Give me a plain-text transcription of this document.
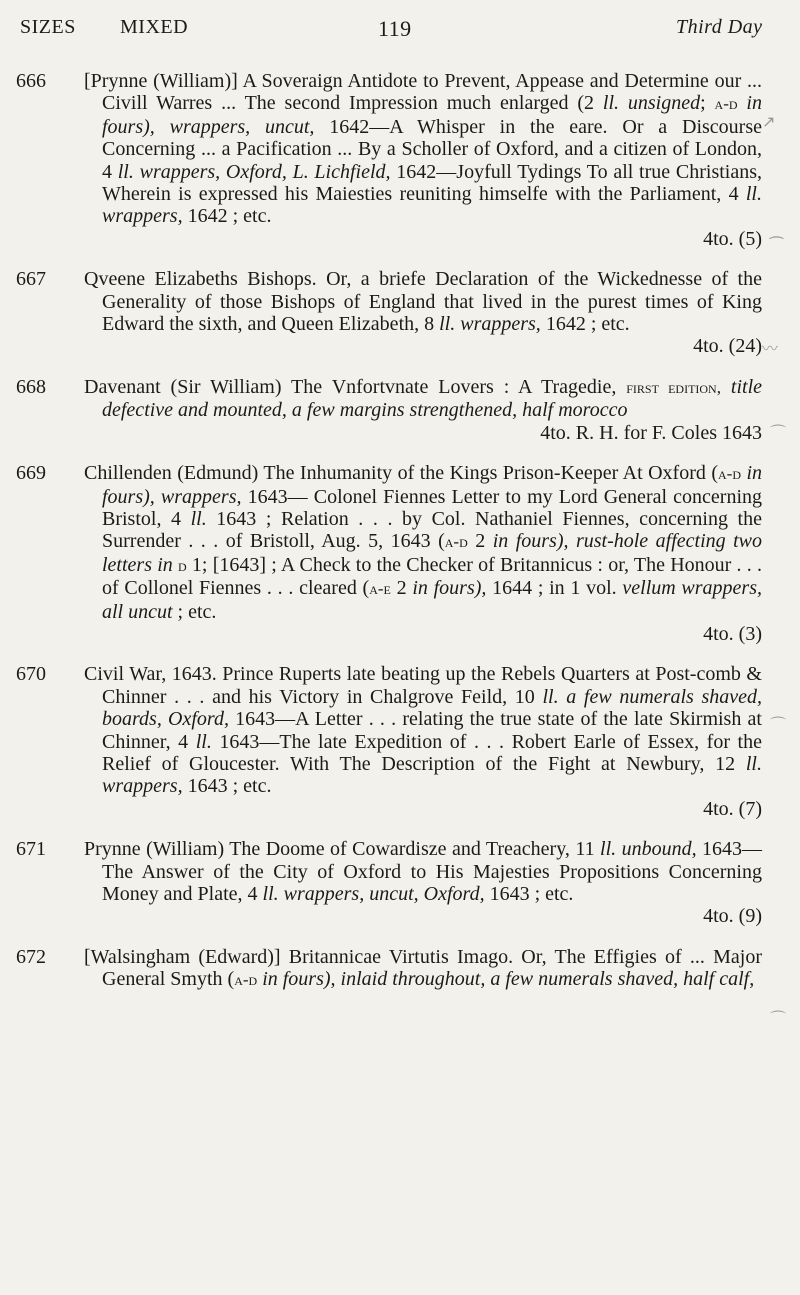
SIZES MIXED	119	Third Day
666	[Prynne (William)] A Soveraign Antidote to Prevent, Appease and Determine our ... Civill Warres ... The second Impression much enlarged (2 ll. unsigned; a-d in fours), wrappers, uncut, 1642—A Whisper in the eare. Or a Discourse Concerning ... a Pacification ... By a Scholler of Oxford, and a citizen of London, 4 ll. wrappers, Oxford, L. Lichfield, 1642—Joyfull Tydings To all true Christians, Wherein is expressed his Maiesties reuniting himselfe with the Parliament, 4 ll. wrappers, 1642 ; etc.
4to. (5)
667	Qveene Elizabeths Bishops. Or, a briefe Declaration of the Wickednesse of the Generality of those Bishops of England that lived in the purest times of King Edward the sixth, and Queen Elizabeth, 8 ll. wrappers, 1642 ; etc.
4to. (24)
668	Davenant (Sir William) The Vnfortvnate Lovers : A Tragedie, first edition, title defective and mounted, a few margins strengthened, half morocco
4to. R. H. for F. Coles 1643
669	Chillenden (Edmund) The Inhumanity of the Kings Prison-Keeper At Oxford (a-d in fours), wrappers, 1643— Colonel Fiennes Letter to my Lord General concerning Bristol, 4 ll. 1643 ; Relation . . . by Col. Nathaniel Fiennes, concerning the Surrender . . . of Bristoll, Aug. 5, 1643 (a-d 2 in fours), rust-hole affecting two letters in d 1; [1643] ; A Check to the Checker of Britannicus : or, The Honour . . . of Collonel Fiennes . . . cleared (a-e 2 in fours), 1644 ; in 1 vol. vellum wrappers, all uncut ; etc.
4to. (3)
670	Civil War, 1643. Prince Ruperts late beating up the Rebels Quarters at Post-comb & Chinner . . . and his Victory in Chalgrove Feild, 10 ll. a few numerals shaved, boards, Oxford, 1643—A Letter . . . relating the true state of the late Skirmish at Chinner, 4 ll. 1643—The late Expedition of . . . Robert Earle of Essex, for the Relief of Gloucester. With The Description of the Fight at Newbury, 12 ll. wrappers, 1643 ; etc.
4to. (7)
671	Prynne (William) The Doome of Cowardisze and Treachery, 11 ll. unbound, 1643—The Answer of the City of Oxford to His Majesties Propositions Concerning Money and Plate, 4 ll. wrappers, uncut, Oxford, 1643 ; etc.
4to. (9)
672	[Walsingham (Edward)] Britannicae Virtutis Imago. Or, The Effigies of ... Major General Smyth (a-d in fours), inlaid throughout, a few numerals shaved, half calf,
↗
⁀
〰
⌒
⌒
⌒
